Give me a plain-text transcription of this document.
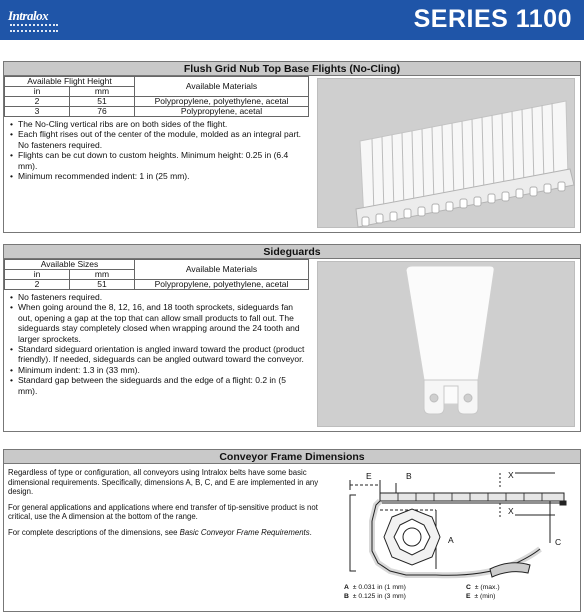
Intralox	SERIES 1100
Flush Grid Nub Top Base Flights (No-Cling)
Available Flight Height		Available Materials
in	mm	
2	51	Polypropylene, polyethylene, acetal
3	76	Polypropylene, acetal
• The No-Cling vertical ribs are on both sides of the flight.
• Each flight rises out of the center of the module, molded as an integral part. No fasteners required.
• Flights can be cut down to custom heights. Minimum height: 0.25 in (6.4 mm).
• Minimum recommended indent: 1 in (25 mm).
Sideguards
Available Sizes		Available Materials
in	mm	
2	51	Polypropylene, polyethylene, acetal
• No fasteners required.
• When going around the 8, 12, 16, and 18 tooth sprockets, sideguards fan out, opening a gap at the top that can allow small products to fall out. The sideguards stay completely closed when wrapping around the 24 tooth and larger sprockets.
• Standard sideguard orientation is angled inward toward the product (product friendly). If needed, sideguards can be angled outward toward the conveyor.
• Minimum indent: 1.3 in (33 mm).
• Standard gap between the sideguards and the edge of a flight: 0.2 in (5 mm).
Conveyor Frame Dimensions

Regardless of type or configuration, all conveyors using Intralox belts have some basic dimensional requirements. Specifically, dimensions A, B, C, and E are implemented in any design.

For general applications and applications where end transfer of tip-sensitive product is not critical, use the A dimension at the bottom of the range.

For complete descriptions of the dimensions, see Basic Conveyor Frame Requirements.

E	B	X
X
A	C
A ± 0.031 in (1 mm)
B ± 0.125 in (3 mm)
C ± (max.)
E ± (min)
